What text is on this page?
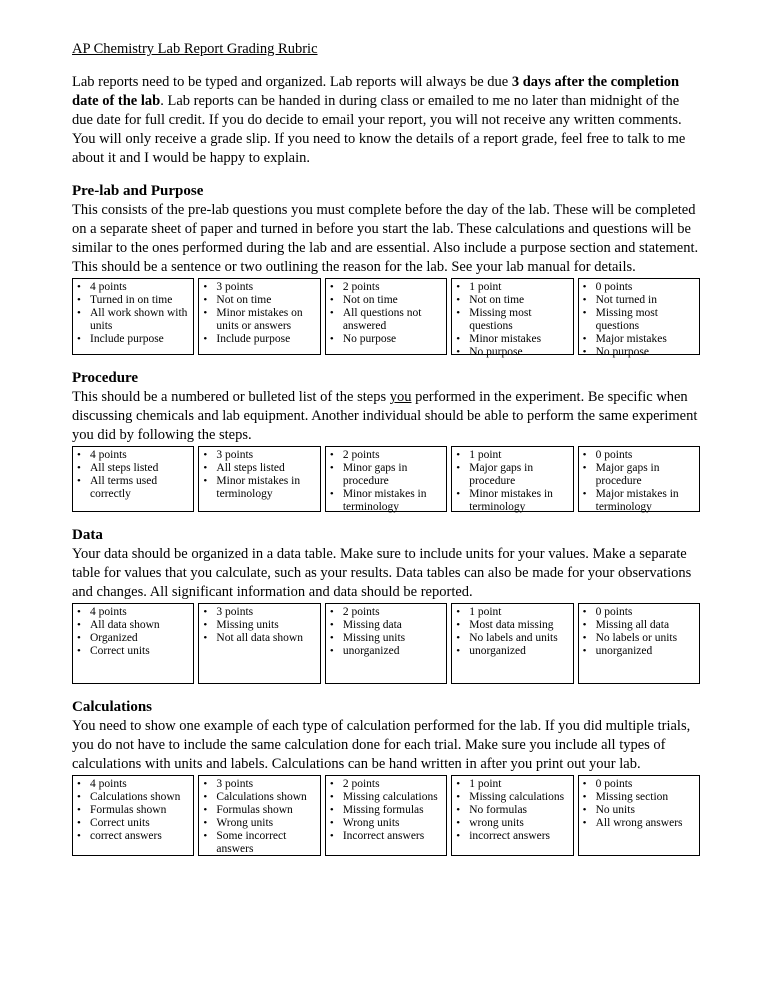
AP Chemistry Lab Report Grading Rubric

Lab reports need to be typed and organized. Lab reports will always be due 3 days after the completion date of the lab. Lab reports can be handed in during class or emailed to me no later than midnight of the due date for full credit. If you do decide to email your report, you will not receive any written comments. You will only receive a grade slip. If you need to know the details of a report grade, feel free to talk to me about it and I would be happy to explain.

Pre-lab and Purpose

This consists of the pre-lab questions you must complete before the day of the lab. These will be completed on a separate sheet of paper and turned in before you start the lab. These calculations and questions will be similar to the ones performed during the lab and are essential. Also include a purpose section and statement. This should be a sentence or two outlining the reason for the lab. See your lab manual for details.

• 4 points
• Turned in on time
• All work shown with units
• Include purpose
• 3 points
• Not on time
• Minor mistakes on units or answers
• Include purpose
• 2 points
• Not on time
• All questions not answered
• No purpose
• 1 point
• Not on time
• Missing most questions
• Minor mistakes
• No purpose
• 0 points
• Not turned in
• Missing most questions
• Major mistakes
• No purpose

Procedure

This should be a numbered or bulleted list of the steps you performed in the experiment. Be specific when discussing chemicals and lab equipment. Another individual should be able to perform the same experiment you did by following the steps.

• 4 points
• All steps listed
• All terms used correctly
• 3 points
• All steps listed
• Minor mistakes in terminology
• 2 points
• Minor gaps in procedure
• Minor mistakes in terminology
• 1 point
• Major gaps in procedure
• Minor mistakes in terminology
• 0 points
• Major gaps in procedure
• Major mistakes in terminology

Data

Your data should be organized in a data table. Make sure to include units for your values. Make a separate table for values that you calculate, such as your results. Data tables can also be made for your observations and changes. All significant information and data should be reported.

• 4 points
• All data shown
• Organized
• Correct units
• 3 points
• Missing units
• Not all data shown
• 2 points
• Missing data
• Missing units
• unorganized
• 1 point
• Most data missing
• No labels and units
• unorganized
• 0 points
• Missing all data
• No labels or units
• unorganized

Calculations

You need to show one example of each type of calculation performed for the lab. If you did multiple trials, you do not have to include the same calculation done for each trial. Make sure you include all types of calculations with units and labels. Calculations can be hand written in after you print out your lab.

• 4 points
• Calculations shown
• Formulas shown
• Correct units
• correct answers
• 3 points
• Calculations shown
• Formulas shown
• Wrong units
• Some incorrect answers
• 2 points
• Missing calculations
• Missing formulas
• Wrong units
• Incorrect answers
• 1 point
• Missing calculations
• No formulas
• wrong units
• incorrect answers
• 0 points
• Missing section
• No units
• All wrong answers
